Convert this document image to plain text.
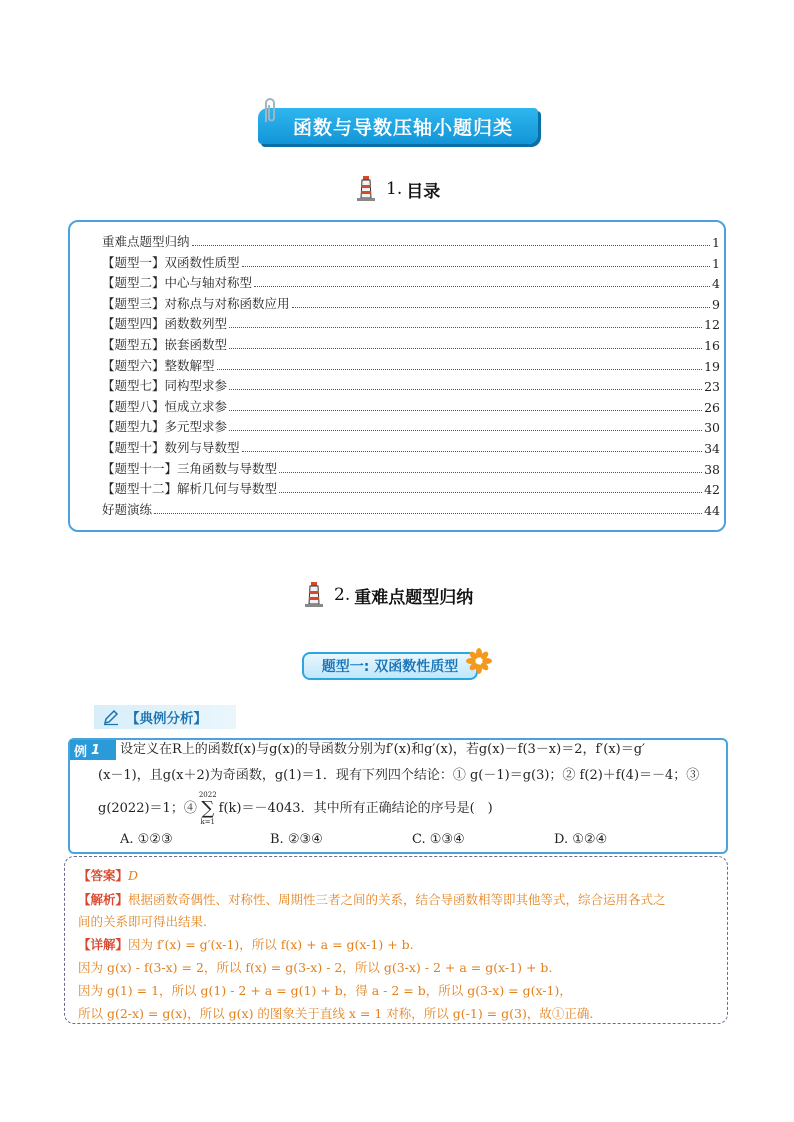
函数与导数压轴小题归类
1. 目录
重难点题型归纳	1
【题型一】双函数性质型	1
【题型二】中心与轴对称型	4
【题型三】对称点与对称函数应用	9
【题型四】函数数列型	12
【题型五】嵌套函数型	16
【题型六】整数解型	19
【题型七】同构型求参	23
【题型八】恒成立求参	26
【题型九】多元型求参	30
【题型十】数列与导数型	34
【题型十一】三角函数与导数型	38
【题型十二】解析几何与导数型	42
好题演练	44
2. 重难点题型归纳
题型一: 双函数性质型
【典例分析】
例 1 设定义在R上的函数f(x)与g(x)的导函数分别为f′(x)和g′(x)，若g(x)－f(3－x)＝2，f′(x)＝g′
(x－1)，且g(x＋2)为奇函数，g(1)＝1．现有下列四个结论：① g(－1)＝g(3)；② f(2)＋f(4)＝－4；③
g(2022)＝1；④
2022
∑
k=1
f(k)＝－4043．其中所有正确结论的序号是(　)
A. ①②③	B. ②③④	C. ①③④	D. ①②④
【答案】D
【解析】根据函数奇偶性、对称性、周期性三者之间的关系，结合导函数相等即其他等式，综合运用各式之
间的关系即可得出结果.
【详解】因为 f′(x) = g′(x-1)，所以 f(x) + a = g(x-1) + b.
因为 g(x) - f(3-x) = 2，所以 f(x) = g(3-x) - 2，所以 g(3-x) - 2 + a = g(x-1) + b.
因为 g(1) = 1，所以 g(1) - 2 + a = g(1) + b，得 a - 2 = b，所以 g(3-x) = g(x-1)，
所以 g(2-x) = g(x)，所以 g(x) 的图象关于直线 x = 1 对称，所以 g(-1) = g(3)，故①正确.
